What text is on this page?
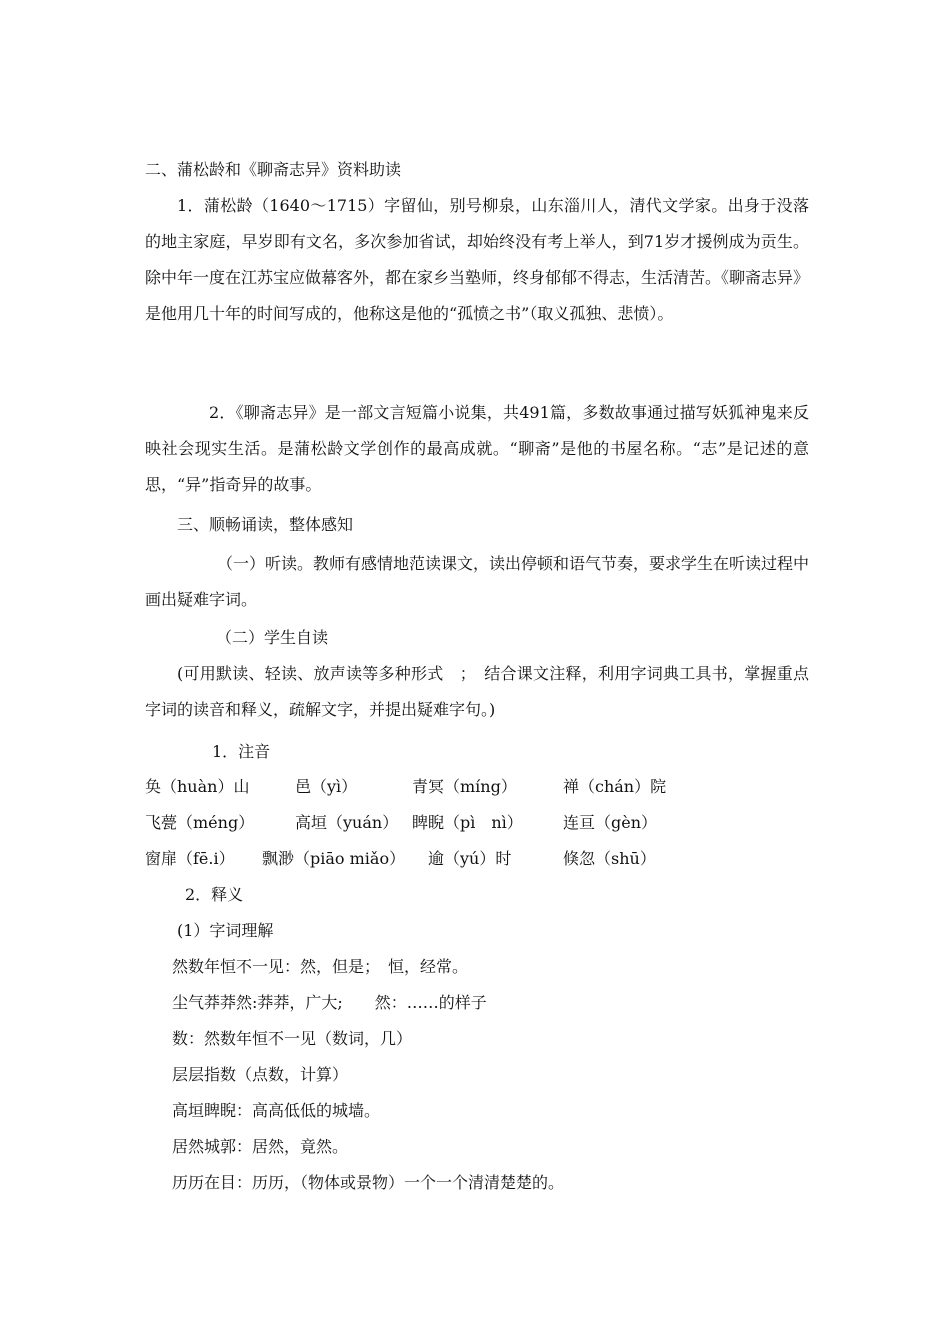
二、蒲松龄和《聊斋志异》资料助读
1．蒲松龄（1640～1715）字留仙，别号柳泉，山东淄川人，清代文学家。出身于没落的地主家庭，早岁即有文名，多次参加省试，却始终没有考上举人，到71岁才援例成为贡生。除中年一度在江苏宝应做幕客外，都在家乡当塾师，终身郁郁不得志，生活清苦。《聊斋志异》是他用几十年的时间写成的，他称这是他的“孤愤之书”（取义孤独、悲愤）。
2．《聊斋志异》是一部文言短篇小说集，共491篇，多数故事通过描写妖狐神鬼来反映社会现实生活。是蒲松龄文学创作的最高成就。“聊斋”是他的书屋名称。“志”是记述的意思，“异”指奇异的故事。
三、顺畅诵读，整体感知
（一）听读。教师有感情地范读课文，读出停顿和语气节奏，要求学生在听读过程中画出疑难字词。
（二）学生自读
(可用默读、轻读、放声读等多种形式　；　结合课文注释，利用字词典工具书，掌握重点字词的读音和释义，疏解文字，并提出疑难字句。)
1．注音
奂（huàn）山	邑（yì）	青冥（míng）	禅（chán）院
飞甍（méng）	高垣（yuán） 睥睨（pì　nì）	连亘（gèn）
窗扉（fē.i） 飘渺（piāo miǎo） 逾（yú）时	倏忽（shū）
2．释义
(1）字词理解
然数年恒不一见：然，但是；　恒，经常。
尘气莽莽然:莽莽，广大;　　然：……的样子
数：然数年恒不一见（数词，几）
层层指数（点数，计算）
高垣睥睨：高高低低的城墙。
居然城郭：居然，竟然。
历历在目：历历，（物体或景物）一个一个清清楚楚的。
